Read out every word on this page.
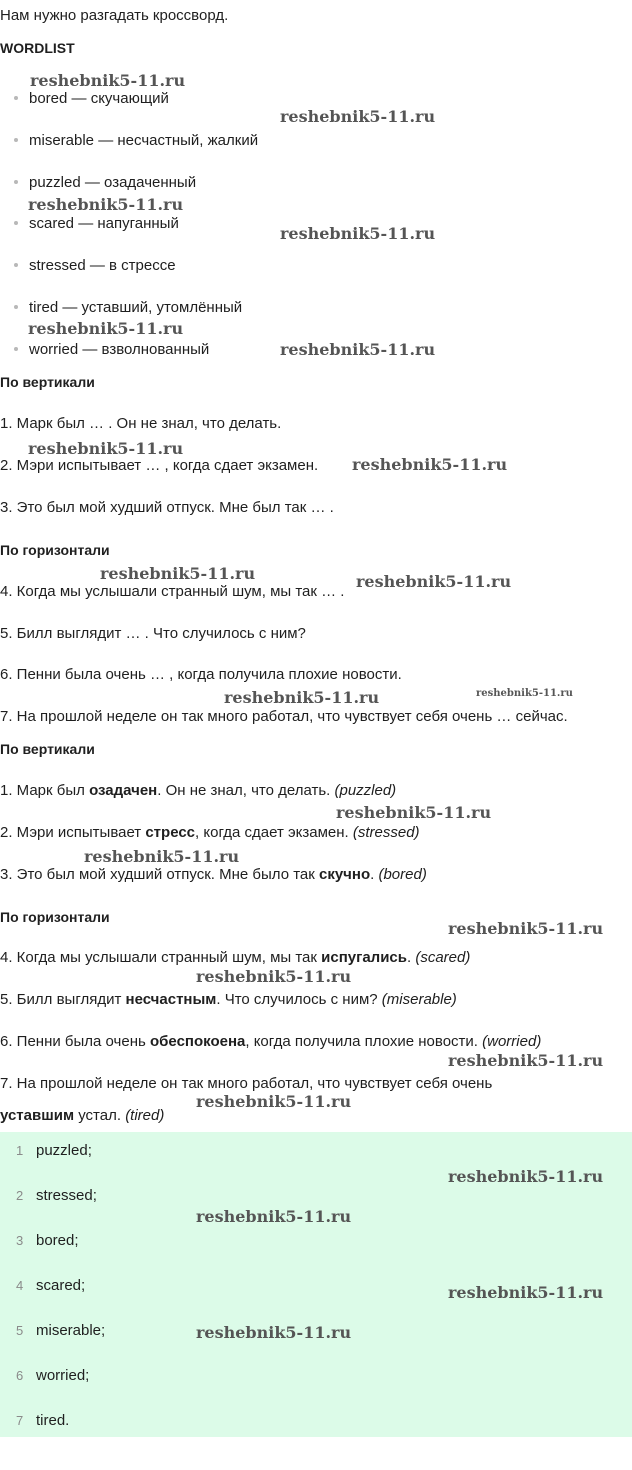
Нам нужно разгадать кроссворд.
WORDLIST
bored — скучающий
miserable — несчастный, жалкий
puzzled — озадаченный
scared — напуганный
stressed — в стрессе
tired — уставший, утомлённый
worried — взволнованный
По вертикали
1. Марк был … . Он не знал, что делать.
2. Мэри испытывает … , когда сдает экзамен.
3. Это был мой худший отпуск. Мне был так … .
По горизонтали
4. Когда мы услышали странный шум, мы так … .
5. Билл выглядит … . Что случилось с ним?
6. Пенни была очень … , когда получила плохие новости.
7. На прошлой неделе он так много работал, что чувствует себя очень … сейчас.
По вертикали
1. Марк был озадачен. Он не знал, что делать. (puzzled)
2. Мэри испытывает стресс, когда сдает экзамен. (stressed)
3. Это был мой худший отпуск. Мне было так скучно. (bored)
По горизонтали
4. Когда мы услышали странный шум, мы так испугались. (scared)
5. Билл выглядит несчастным. Что случилось с ним? (miserable)
6. Пенни была очень обеспокоена, когда получила плохие новости. (worried)
7. На прошлой неделе он так много работал, что чувствует себя очень
уставшим устал. (tired)
1 puzzled;
2 stressed;
3 bored;
4 scared;
5 miserable;
6 worried;
7 tired.
reshebnik5-11.ru
reshebnik5-11.ru
reshebnik5-11.ru
reshebnik5-11.ru
reshebnik5-11.ru
reshebnik5-11.ru
reshebnik5-11.ru
reshebnik5-11.ru
reshebnik5-11.ru	reshebnik5-11.ru
reshebnik5-11.ru	reshebnik5-11.ru
reshebnik5-11.ru
reshebnik5-11.ru
reshebnik5-11.ru
reshebnik5-11.ru
reshebnik5-11.ru
reshebnik5-11.ru
reshebnik5-11.ru
reshebnik5-11.ru
reshebnik5-11.ru
reshebnik5-11.ru
